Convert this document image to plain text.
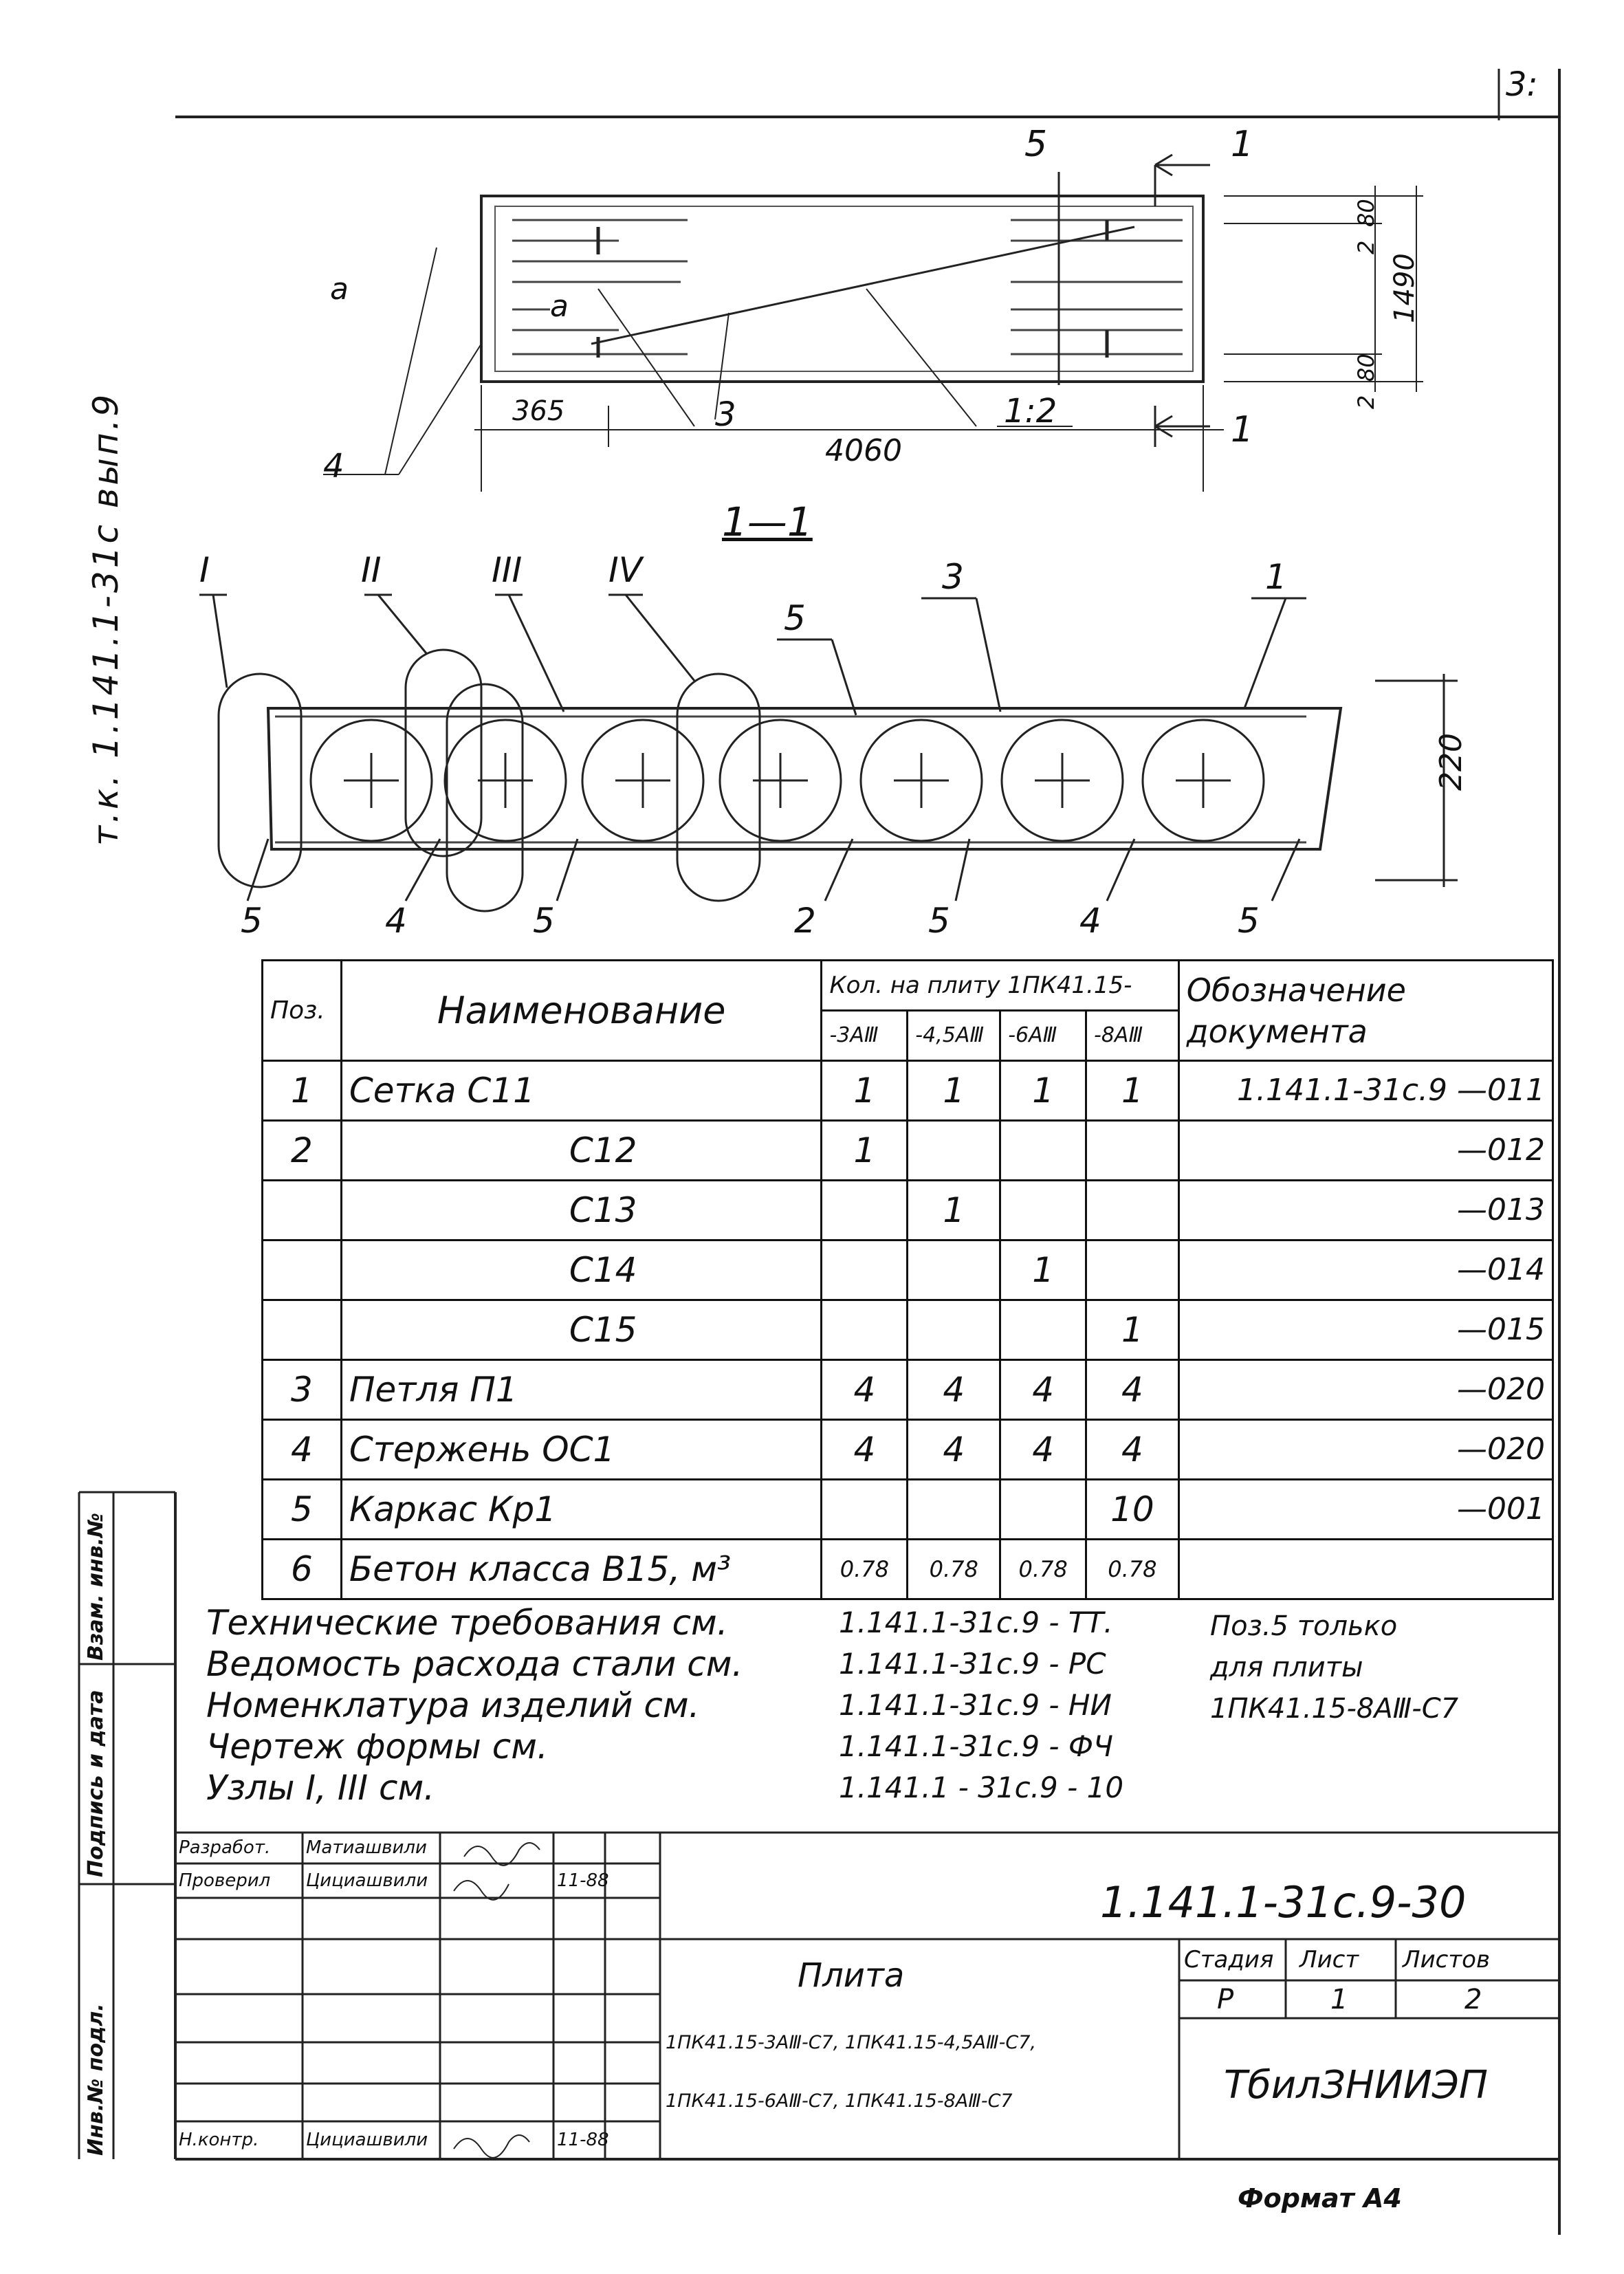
3:
т.к. 1.141.1-31с вып.9
Инв.№ подл.
Подпись и дата
Взам. инв.№
а	а
5	1
1
80
2
1490
80
2
365	3	1:2
4060
4
1—1
I	II	III	IV
5
3	1
220
5	4	5	2	5	4	5
Поз.	Наименование	Кол. на плиту 1ПК41.15-				Обозначение документа
		-3АⅢ	-4,5АⅢ	-6АⅢ	-8АⅢ	
1	Сетка С11	1	1	1	1	1.141.1-31с.9 —011
2	С12	1				—012
	С13		1			—013
	С14			1		—014
	С15				1	—015
3	Петля П1	4	4	4	4	—020
4	Стержень ОС1	4	4	4	4	—020
5	Каркас Кр1				10	—001
6	Бетон класса В15, м³	0.78	0.78	0.78	0.78	
Технические требования см.
Ведомость расхода стали см.
Номенклатура изделий см.
Чертеж формы см.
Узлы I, III см.
1.141.1-31с.9 - ТТ.
1.141.1-31с.9 - РС
1.141.1-31с.9 - НИ
1.141.1-31с.9 - ФЧ
1.141.1 - 31с.9 - 10
Поз.5 только
для плиты
1ПК41.15-8АⅢ-С7
Разработ. Матиашвили
Проверил Цициашвили	11-88
Н.контр.	Цициашвили	11-88
1.141.1-31с.9-30
Плита
1ПК41.15-3АⅢ-С7, 1ПК41.15-4,5АⅢ-С7,
1ПК41.15-6АⅢ-С7, 1ПК41.15-8АⅢ-С7
Стадия Лист Листов
Р	1	2
ТбилЗНИИЭП
Формат А4
